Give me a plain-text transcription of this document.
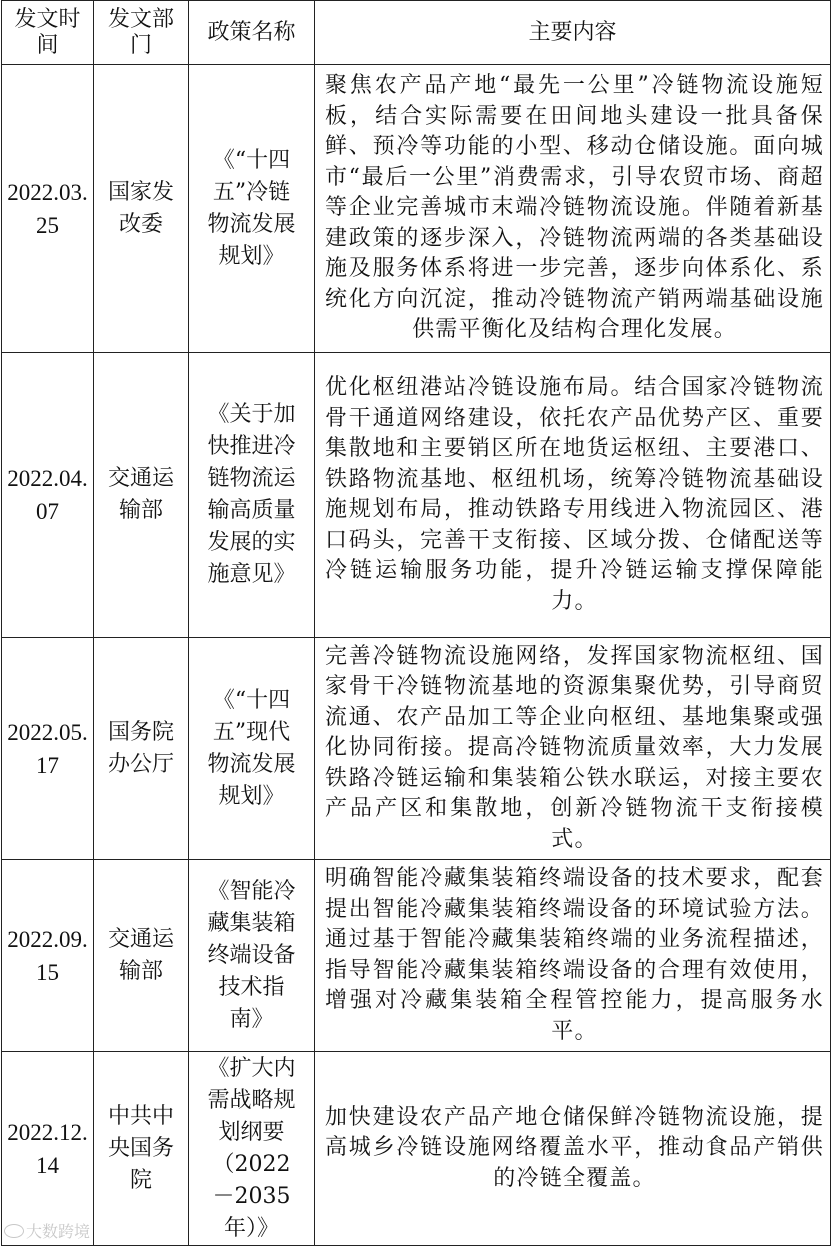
发文时间	发文部门	政策名称	主要内容
2022.03.25	国家发改委	《“十四五”冷链物流发展规划》	聚焦农产品产地“最先一公里”冷链物流设施短板，结合实际需要在田间地头建设一批具备保鲜、预冷等功能的小型、移动仓储设施。面向城市“最后一公里”消费需求，引导农贸市场、商超等企业完善城市末端冷链物流设施。伴随着新基建政策的逐步深入，冷链物流两端的各类基础设施及服务体系将进一步完善，逐步向体系化、系统化方向沉淀，推动冷链物流产销两端基础设施供需平衡化及结构合理化发展。
2022.04.07	交通运输部	《关于加快推进冷链物流运输高质量发展的实施意见》	优化枢纽港站冷链设施布局。结合国家冷链物流骨干通道网络建设，依托农产品优势产区、重要集散地和主要销区所在地货运枢纽、主要港口、铁路物流基地、枢纽机场，统筹冷链物流基础设施规划布局，推动铁路专用线进入物流园区、港口码头，完善干支衔接、区域分拨、仓储配送等冷链运输服务功能，提升冷链运输支撑保障能力。
2022.05.17	国务院办公厅	《“十四五”现代物流发展规划》	完善冷链物流设施网络，发挥国家物流枢纽、国家骨干冷链物流基地的资源集聚优势，引导商贸流通、农产品加工等企业向枢纽、基地集聚或强化协同衔接。提高冷链物流质量效率，大力发展铁路冷链运输和集装箱公铁水联运，对接主要农产品产区和集散地，创新冷链物流干支衔接模式。
2022.09.15	交通运输部	《智能冷藏集装箱终端设备技术指南》	明确智能冷藏集装箱终端设备的技术要求，配套提出智能冷藏集装箱终端设备的环境试验方法。通过基于智能冷藏集装箱终端的业务流程描述，指导智能冷藏集装箱终端设备的合理有效使用，增强对冷藏集装箱全程管控能力，提高服务水平。
2022.12.14	中共中央国务院	《扩大内需战略规划纲要（2022－2035年）》	加快建设农产品产地仓储保鲜冷链物流设施，提高城乡冷链设施网络覆盖水平，推动食品产销供的冷链全覆盖。
大数跨境
